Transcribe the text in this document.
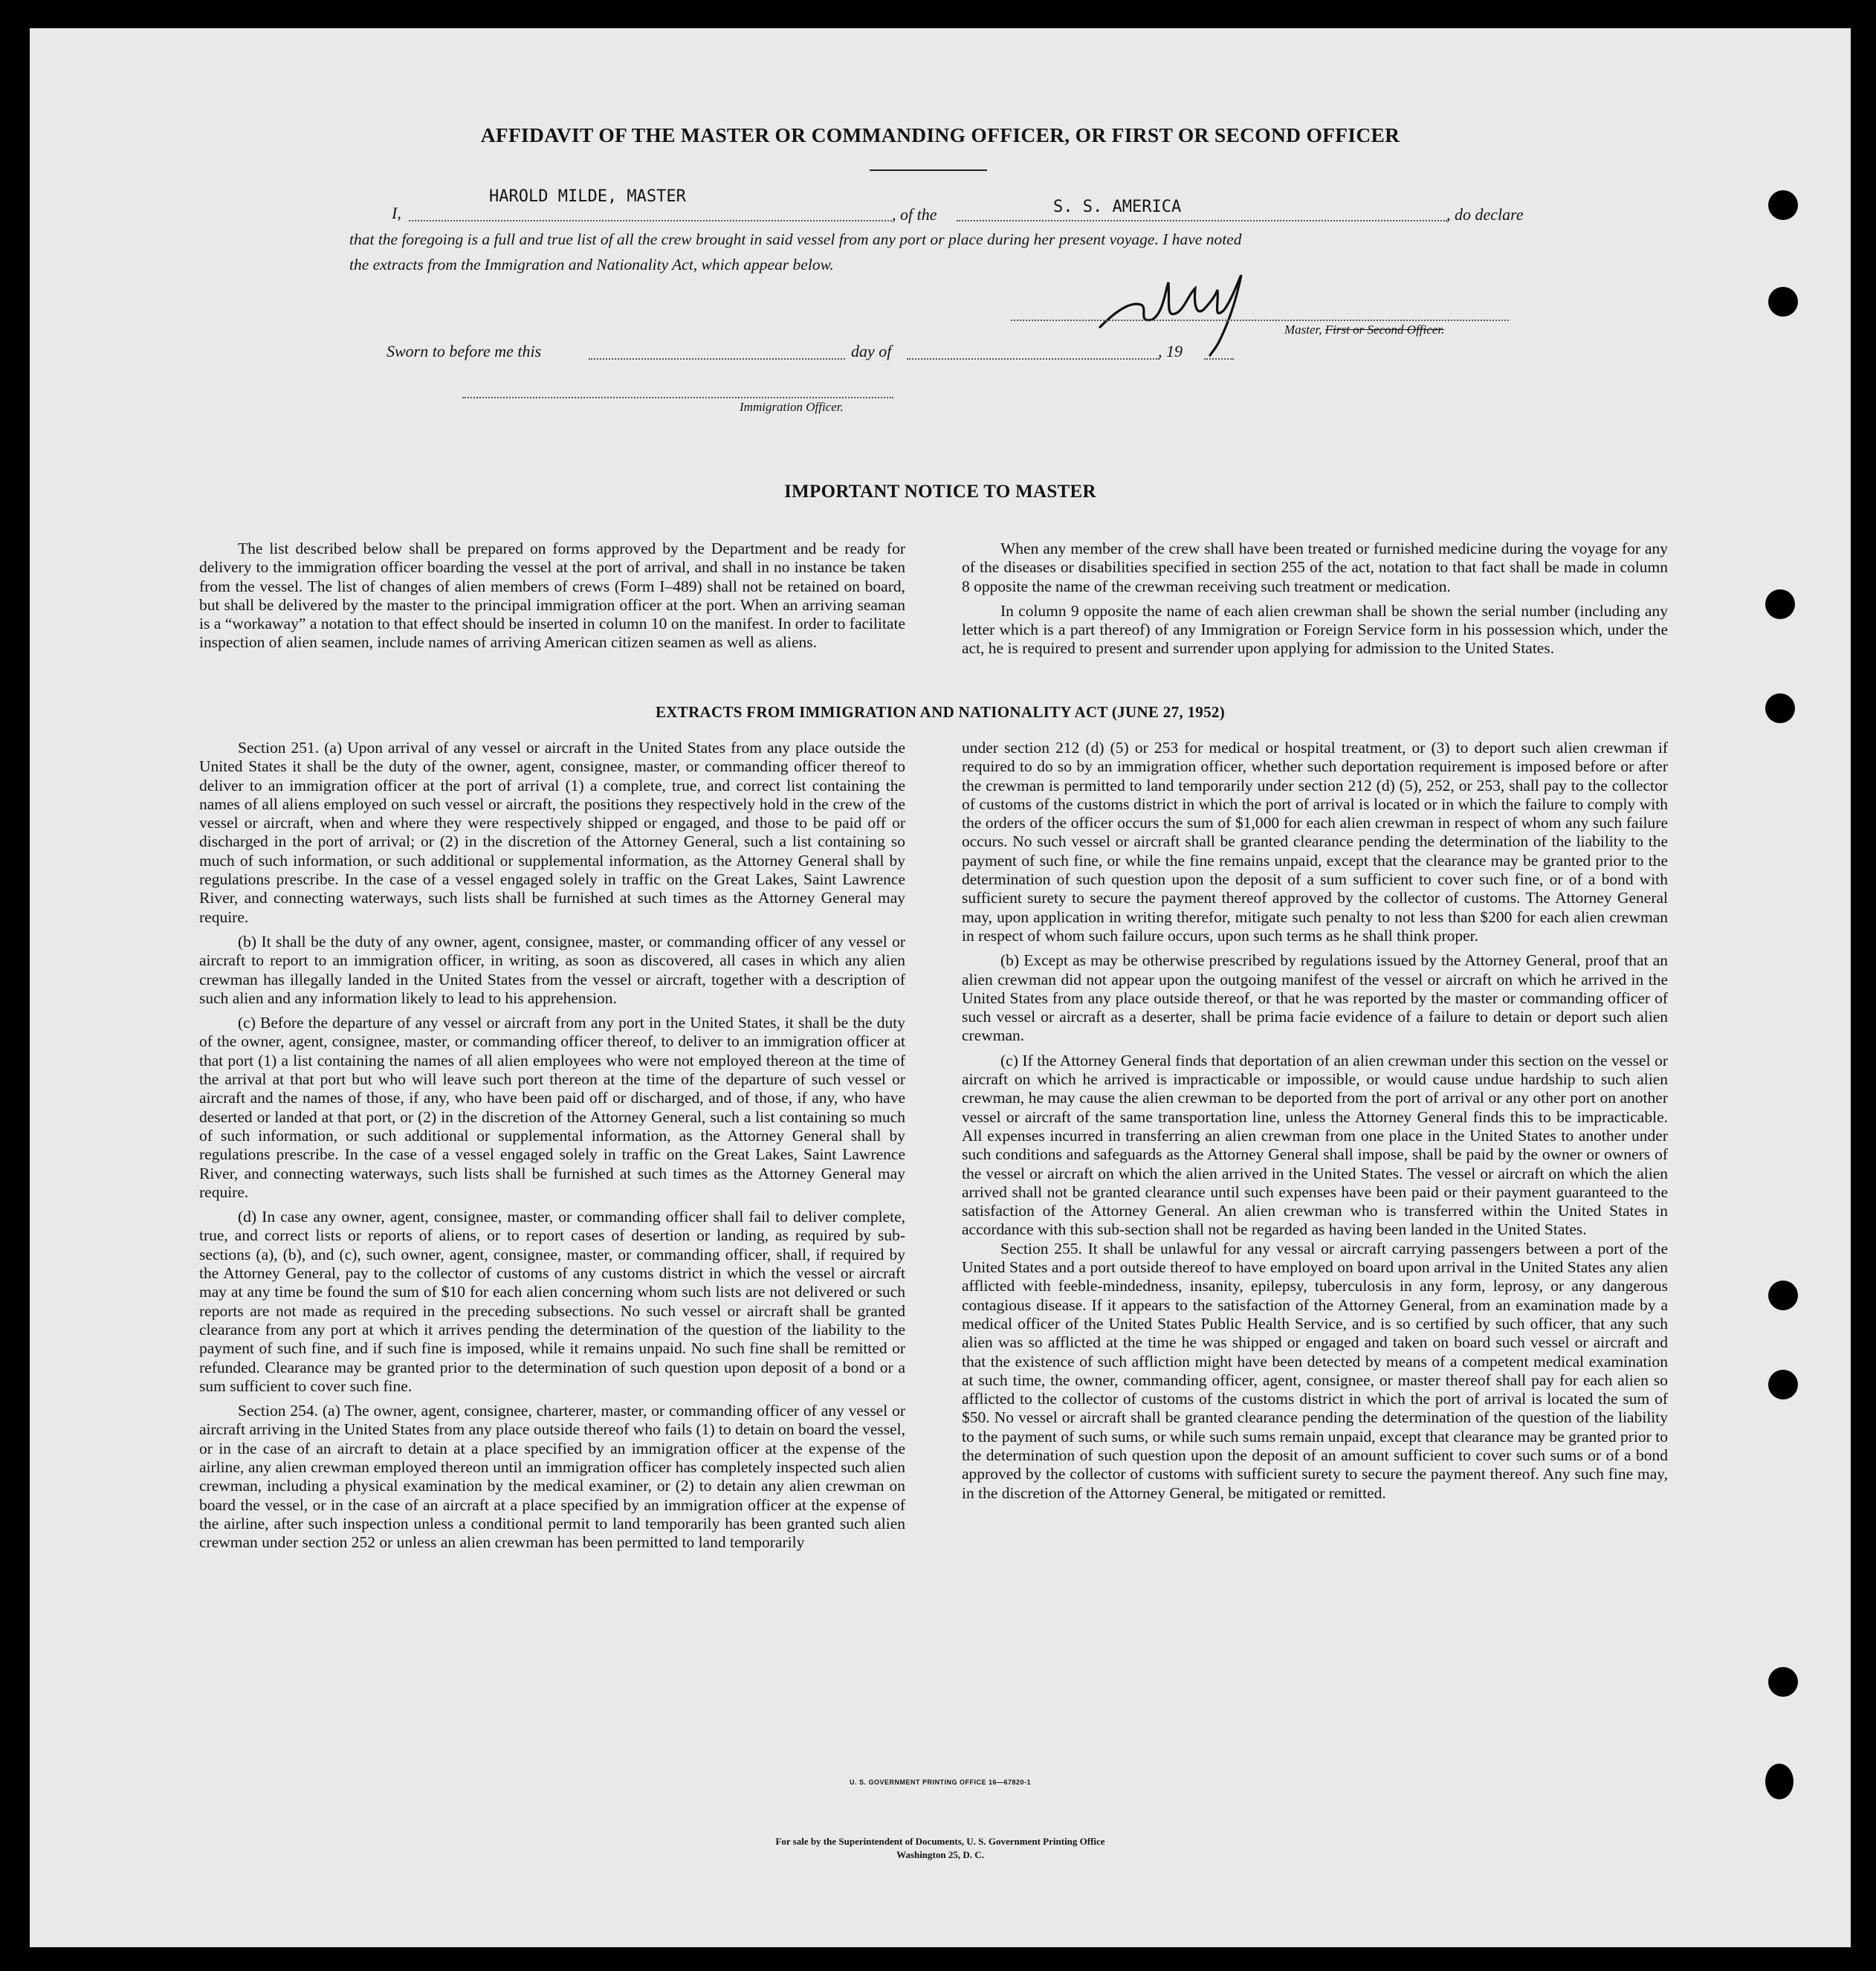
AFFIDAVIT OF THE MASTER OR COMMANDING OFFICER, OR FIRST OR SECOND OFFICER
I,
HAROLD MILDE, MASTER
, of the	S. S. AMERICA	, do declare
that the foregoing is a full and true list of all the crew brought in said vessel from any port or place during her present voyage. I have noted
the extracts from the Immigration and Nationality Act, which appear below.
Master, First or Second Officer.
Sworn to before me this	day of	, 19
Immigration Officer.
IMPORTANT NOTICE TO MASTER

The list described below shall be prepared on forms approved by the Department and be ready for delivery to the immigration officer boarding the vessel at the port of arrival, and shall in no instance be taken from the vessel. The list of changes of alien members of crews (Form I–489) shall not be retained on board, but shall be delivered by the master to the principal immigration officer at the port. When an arriving seaman is a “workaway” a notation to that effect should be inserted in column 10 on the manifest. In order to facilitate inspection of alien seamen, include names of arriving American citizen seamen as well as aliens.

When any member of the crew shall have been treated or furnished medicine during the voyage for any of the diseases or disabilities specified in section 255 of the act, notation to that fact shall be made in column 8 opposite the name of the crewman receiving such treatment or medication.

In column 9 opposite the name of each alien crewman shall be shown the serial number (including any letter which is a part thereof) of any Immigration or Foreign Service form in his possession which, under the act, he is required to present and surrender upon applying for admission to the United States.

EXTRACTS FROM IMMIGRATION AND NATIONALITY ACT (JUNE 27, 1952)

Section 251. (a) Upon arrival of any vessel or aircraft in the United States from any place outside the United States it shall be the duty of the owner, agent, consignee, master, or commanding officer thereof to deliver to an immigration officer at the port of arrival (1) a complete, true, and correct list containing the names of all aliens employed on such vessel or aircraft, the positions they respectively hold in the crew of the vessel or aircraft, when and where they were respectively shipped or engaged, and those to be paid off or discharged in the port of arrival; or (2) in the discretion of the Attorney General, such a list containing so much of such information, or such additional or supplemental information, as the Attorney General shall by regulations prescribe. In the case of a vessel engaged solely in traffic on the Great Lakes, Saint Lawrence River, and connecting waterways, such lists shall be furnished at such times as the Attorney General may require.

(b) It shall be the duty of any owner, agent, consignee, master, or commanding officer of any vessel or aircraft to report to an immigration officer, in writing, as soon as discovered, all cases in which any alien crewman has illegally landed in the United States from the vessel or aircraft, together with a description of such alien and any information likely to lead to his apprehension.

(c) Before the departure of any vessel or aircraft from any port in the United States, it shall be the duty of the owner, agent, consignee, master, or commanding officer thereof, to deliver to an immigration officer at that port (1) a list containing the names of all alien employees who were not employed thereon at the time of the arrival at that port but who will leave such port thereon at the time of the departure of such vessel or aircraft and the names of those, if any, who have been paid off or discharged, and of those, if any, who have deserted or landed at that port, or (2) in the discretion of the Attorney General, such a list containing so much of such information, or such additional or supplemental information, as the Attorney General shall by regulations prescribe. In the case of a vessel engaged solely in traffic on the Great Lakes, Saint Lawrence River, and connecting waterways, such lists shall be furnished at such times as the Attorney General may require.

(d) In case any owner, agent, consignee, master, or commanding officer shall fail to deliver complete, true, and correct lists or reports of aliens, or to report cases of desertion or landing, as required by sub-sections (a), (b), and (c), such owner, agent, consignee, master, or commanding officer, shall, if required by the Attorney General, pay to the collector of customs of any customs district in which the vessel or aircraft may at any time be found the sum of $10 for each alien concerning whom such lists are not delivered or such reports are not made as required in the preceding subsections. No such vessel or aircraft shall be granted clearance from any port at which it arrives pending the determination of the question of the liability to the payment of such fine, and if such fine is imposed, while it remains unpaid. No such fine shall be remitted or refunded. Clearance may be granted prior to the determination of such question upon deposit of a bond or a sum sufficient to cover such fine.

Section 254. (a) The owner, agent, consignee, charterer, master, or commanding officer of any vessel or aircraft arriving in the United States from any place outside thereof who fails (1) to detain on board the vessel, or in the case of an aircraft to detain at a place specified by an immigration officer at the expense of the airline, any alien crewman employed thereon until an immigration officer has completely inspected such alien crewman, including a physical examination by the medical examiner, or (2) to detain any alien crewman on board the vessel, or in the case of an aircraft at a place specified by an immigration officer at the expense of the airline, after such inspection unless a conditional permit to land temporarily has been granted such alien crewman under section 252 or unless an alien crewman has been permitted to land temporarily

under section 212 (d) (5) or 253 for medical or hospital treatment, or (3) to deport such alien crewman if required to do so by an immigration officer, whether such deportation requirement is imposed before or after the crewman is permitted to land temporarily under section 212 (d) (5), 252, or 253, shall pay to the collector of customs of the customs district in which the port of arrival is located or in which the failure to comply with the orders of the officer occurs the sum of $1,000 for each alien crewman in respect of whom any such failure occurs. No such vessel or aircraft shall be granted clearance pending the determination of the liability to the payment of such fine, or while the fine remains unpaid, except that the clearance may be granted prior to the determination of such question upon the deposit of a sum sufficient to cover such fine, or of a bond with sufficient surety to secure the payment thereof approved by the collector of customs. The Attorney General may, upon application in writing therefor, mitigate such penalty to not less than $200 for each alien crewman in respect of whom such failure occurs, upon such terms as he shall think proper.

(b) Except as may be otherwise prescribed by regulations issued by the Attorney General, proof that an alien crewman did not appear upon the outgoing manifest of the vessel or aircraft on which he arrived in the United States from any place outside thereof, or that he was reported by the master or commanding officer of such vessel or aircraft as a deserter, shall be prima facie evidence of a failure to detain or deport such alien crewman.

(c) If the Attorney General finds that deportation of an alien crewman under this section on the vessel or aircraft on which he arrived is impracticable or impossible, or would cause undue hardship to such alien crewman, he may cause the alien crewman to be deported from the port of arrival or any other port on another vessel or aircraft of the same transportation line, unless the Attorney General finds this to be impracticable. All expenses incurred in transferring an alien crewman from one place in the United States to another under such conditions and safeguards as the Attorney General shall impose, shall be paid by the owner or owners of the vessel or aircraft on which the alien arrived in the United States. The vessel or aircraft on which the alien arrived shall not be granted clearance until such expenses have been paid or their payment guaranteed to the satisfaction of the Attorney General. An alien crewman who is transferred within the United States in accordance with this sub-section shall not be regarded as having been landed in the United States.

Section 255. It shall be unlawful for any vessal or aircraft carrying passengers between a port of the United States and a port outside thereof to have employed on board upon arrival in the United States any alien afflicted with feeble-mindedness, insanity, epilepsy, tuberculosis in any form, leprosy, or any dangerous contagious disease. If it appears to the satisfaction of the Attorney General, from an examination made by a medical officer of the United States Public Health Service, and is so certified by such officer, that any such alien was so afflicted at the time he was shipped or engaged and taken on board such vessel or aircraft and that the existence of such affliction might have been detected by means of a competent medical examination at such time, the owner, commanding officer, agent, consignee, or master thereof shall pay for each alien so afflicted to the collector of customs of the customs district in which the port of arrival is located the sum of $50. No vessel or aircraft shall be granted clearance pending the determination of the question of the liability to the payment of such sums, or while such sums remain unpaid, except that clearance may be granted prior to the determination of such question upon the deposit of an amount sufficient to cover such sums or of a bond approved by the collector of customs with sufficient surety to secure the payment thereof. Any such fine may, in the discretion of the Attorney General, be mitigated or remitted.

U. S. GOVERNMENT PRINTING OFFICE 16—67820-1
For sale by the Superintendent of Documents, U. S. Government Printing Office
Washington 25, D. C.
